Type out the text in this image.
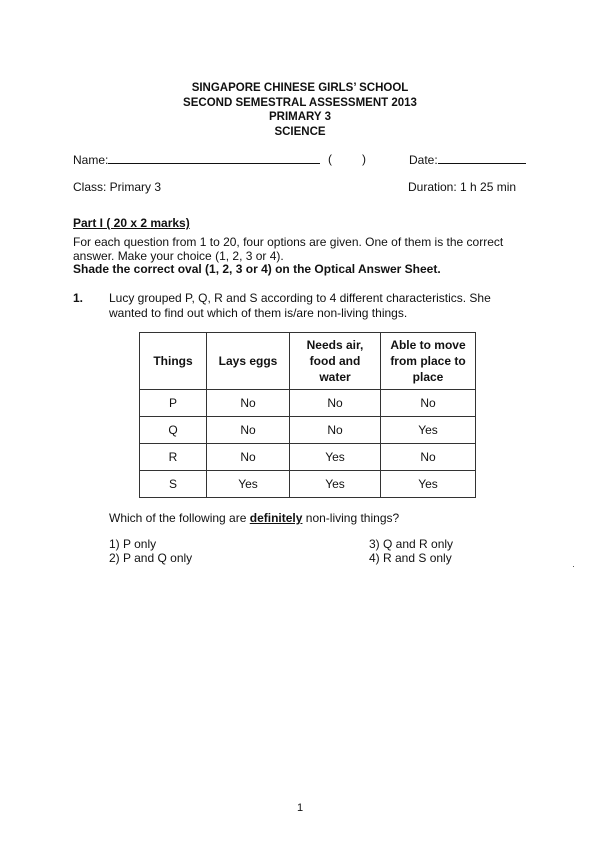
SINGAPORE CHINESE GIRLS’ SCHOOL
SECOND SEMESTRAL ASSESSMENT 2013
PRIMARY 3
SCIENCE
Name:	(	)	Date:
Class: Primary 3	Duration: 1 h 25 min
Part I ( 20 x 2 marks)
For each question from 1 to 20, four options are given. One of them is the correct
answer. Make your choice (1, 2, 3 or 4).
Shade the correct oval (1, 2, 3 or 4) on the Optical Answer Sheet.
1. Lucy grouped P, Q, R and S according to 4 different characteristics. She
wanted to find out which of them is/are non-living things.
Things	Lays eggs	Needs air, food and water	Able to move from place to place
P	No	No	No
Q	No	No	Yes
R	No	Yes	No
S	Yes	Yes	Yes
Which of the following are definitely non-living things?
1) P only
2) P and Q only
3) Q and R only
4) R and S only
1
